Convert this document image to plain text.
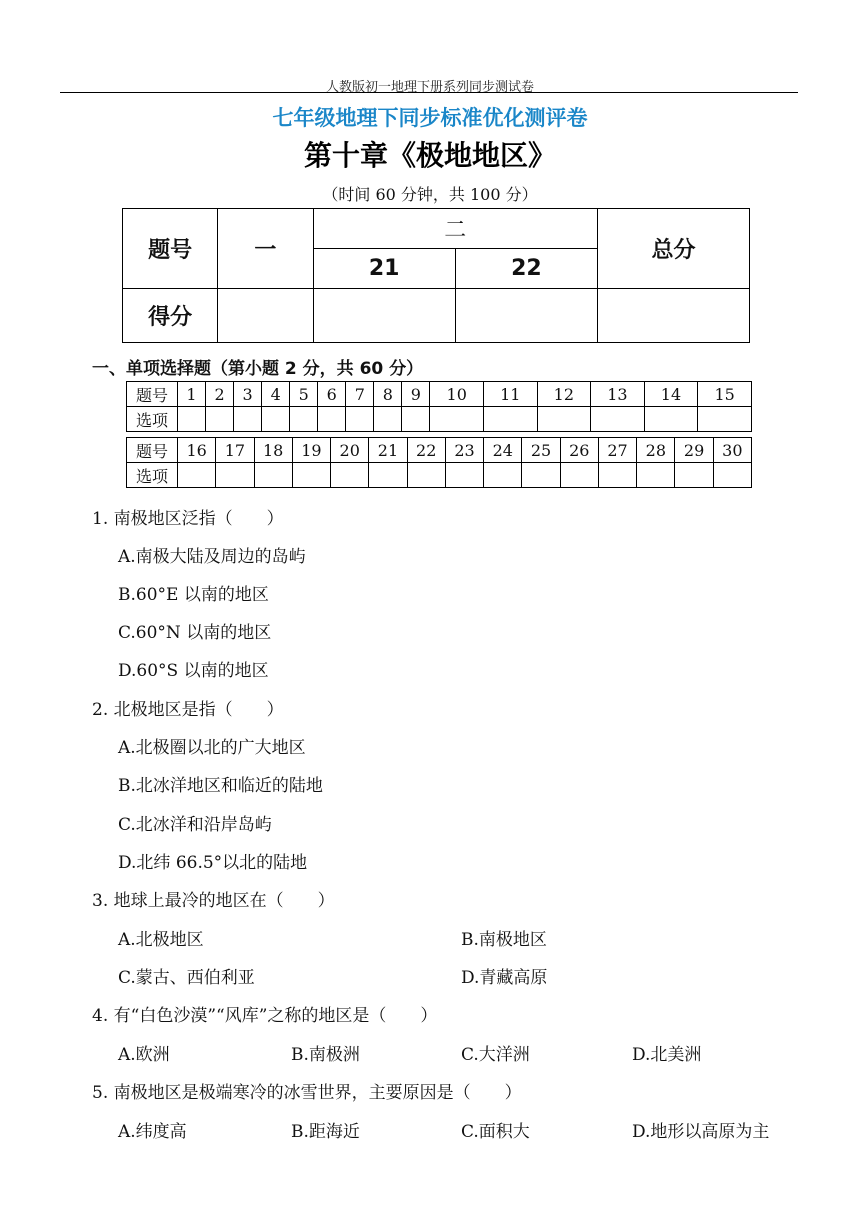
人教版初一地理下册系列同步测试卷
七年级地理下同步标准优化测评卷
第十章《极地地区》
（时间 60 分钟，共 100 分）
题号	一	二		总分
		21	22	
得分				
一、单项选择题（第小题 2 分，共 60 分）
题号	1	2	3	4	5	6	7	8	9	10	11	12	13	14	15
选项															
题号	16	17	18	19	20	21	22	23	24	25	26	27	28	29	30
选项															
1. 南极地区泛指（　　）
A.南极大陆及周边的岛屿
B.60°E 以南的地区
C.60°N 以南的地区
D.60°S 以南的地区
2. 北极地区是指（　　）
A.北极圈以北的广大地区
B.北冰洋地区和临近的陆地
C.北冰洋和沿岸岛屿
D.北纬 66.5°以北的陆地
3. 地球上最冷的地区在（　　）
A.北极地区	B.南极地区
C.蒙古、西伯利亚	D.青藏高原
4. 有“白色沙漠”“风库”之称的地区是（　　）
A.欧洲	B.南极洲	C.大洋洲	D.北美洲
5. 南极地区是极端寒冷的冰雪世界，主要原因是（　　）
A.纬度高	B.距海近	C.面积大	D.地形以高原为主
